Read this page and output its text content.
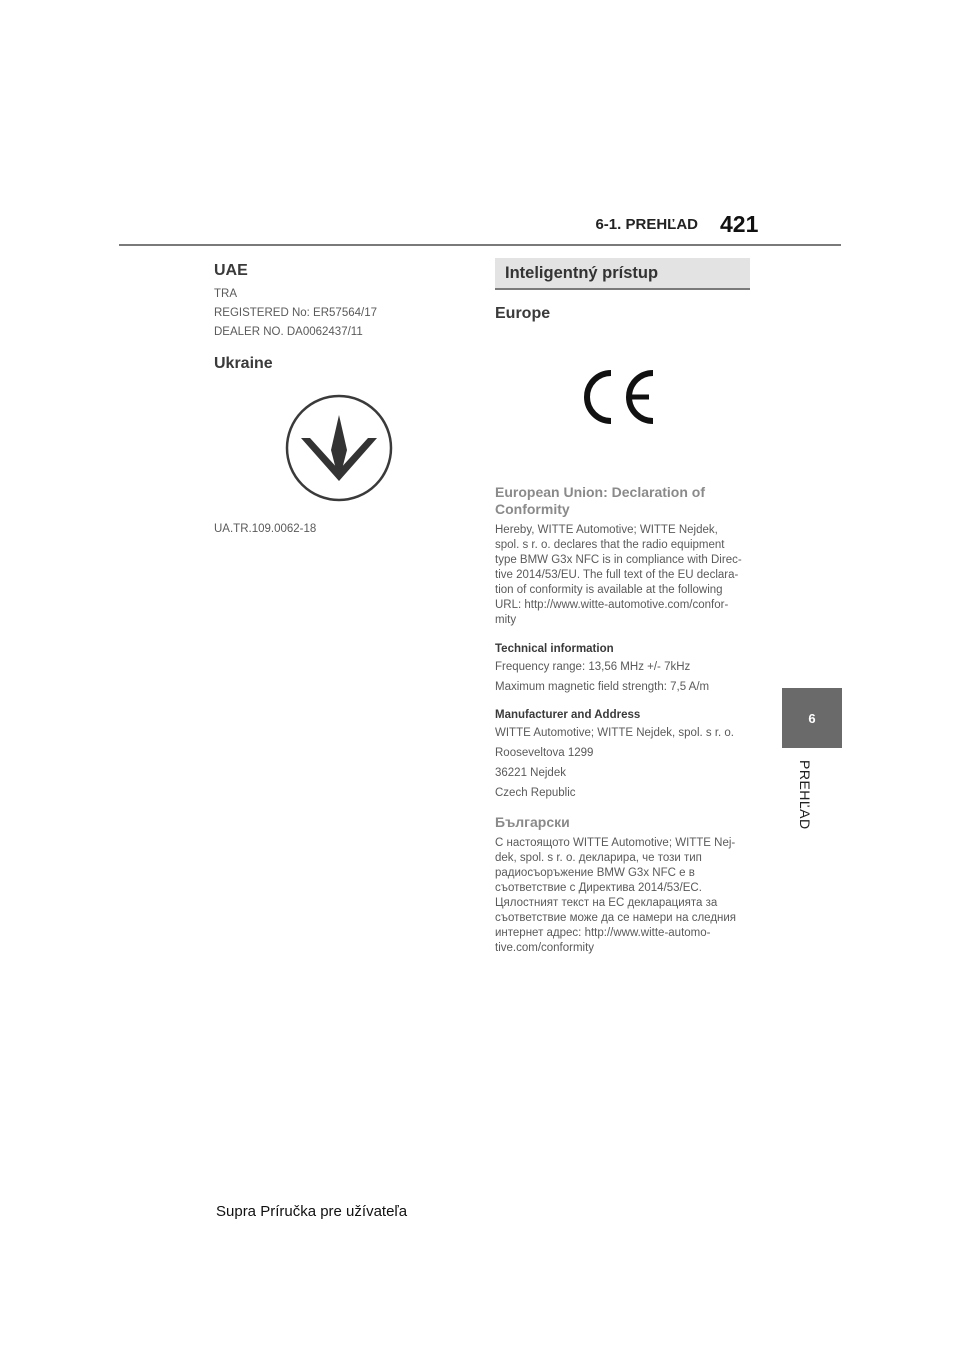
6-1. PREHĽAD 421
6
PREHĽAD

UAE

TRA

REGISTERED No: ER57564/17

DEALER NO. DA0062437/11

Ukraine

UA.TR.109.0062-18

Inteligentný prístup

Europe

European Union: Declaration of Conformity

Hereby, WITTE Automotive; WITTE Nejdek,

spol. s r. o. declares that the radio equipment

type BMW G3x NFC is in compliance with Direc-

tive 2014/53/EU. The full text of the EU declara-

tion of conformity is available at the following

URL: http://www.witte-automotive.com/confor-

mity

Technical information

Frequency range: 13,56 MHz +/- 7kHz

Maximum magnetic field strength: 7,5 A/m

Manufacturer and Address

WITTE Automotive; WITTE Nejdek, spol. s r. o.

Rooseveltova 1299

36221 Nejdek

Czech Republic

Български

С настоящото WITTE Automotive; WITTE Nej-

dek, spol. s r. o. декларира, че този тип

радиосъоръжение BMW G3x NFC е в

съответствие с Директива 2014/53/ЕС.

Цялостният текст на ЕС декларацията за

съответствие може да се намери на следния

интернет адрес: http://www.witte-automo-

tive.com/conformity

Supra Príručka pre užívateľa
